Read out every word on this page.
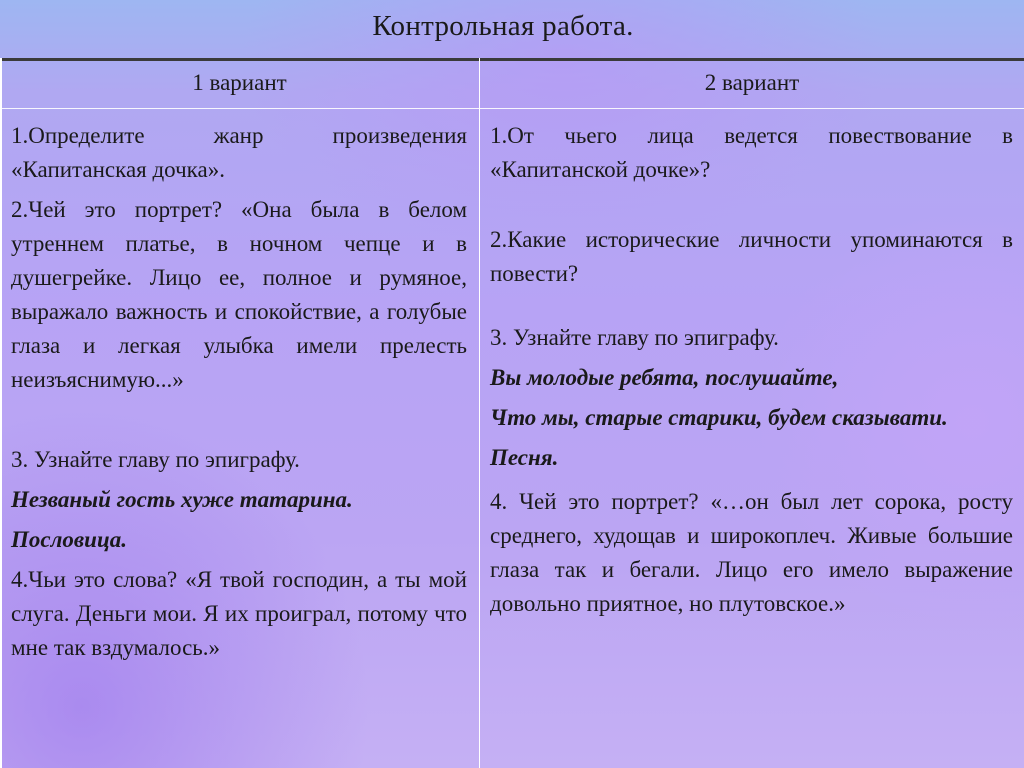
Контрольная работа.
1 вариант	2 вариант

1.Определите жанр произведения «Капитанская дочка».

2.Чей это портрет? «Она была в белом утреннем платье, в ночном чепце и в душегрейке. Лицо ее, полное и румяное, выражало важность и спокойствие, а голубые глаза и легкая улыбка имели прелесть неизъяснимую...»

3. Узнайте главу по эпиграфу.

Незваный гость хуже татарина.

Пословица.

4.Чьи это слова? «Я твой господин, а ты мой слуга. Деньги мои. Я их проиграл, потому что мне так вздумалось.»

1.От чьего лица ведется повествование в «Капитанской дочке»?

2.Какие исторические личности упоминаются в повести?

3. Узнайте главу по эпиграфу.

Вы молодые ребята, послушайте,

Что мы, старые старики, будем сказывати.

Песня.

4. Чей это портрет? «…он был лет сорока, росту среднего, худощав и широкоплеч. Живые большие глаза так и бегали. Лицо его имело выражение довольно приятное, но плутовское.»
